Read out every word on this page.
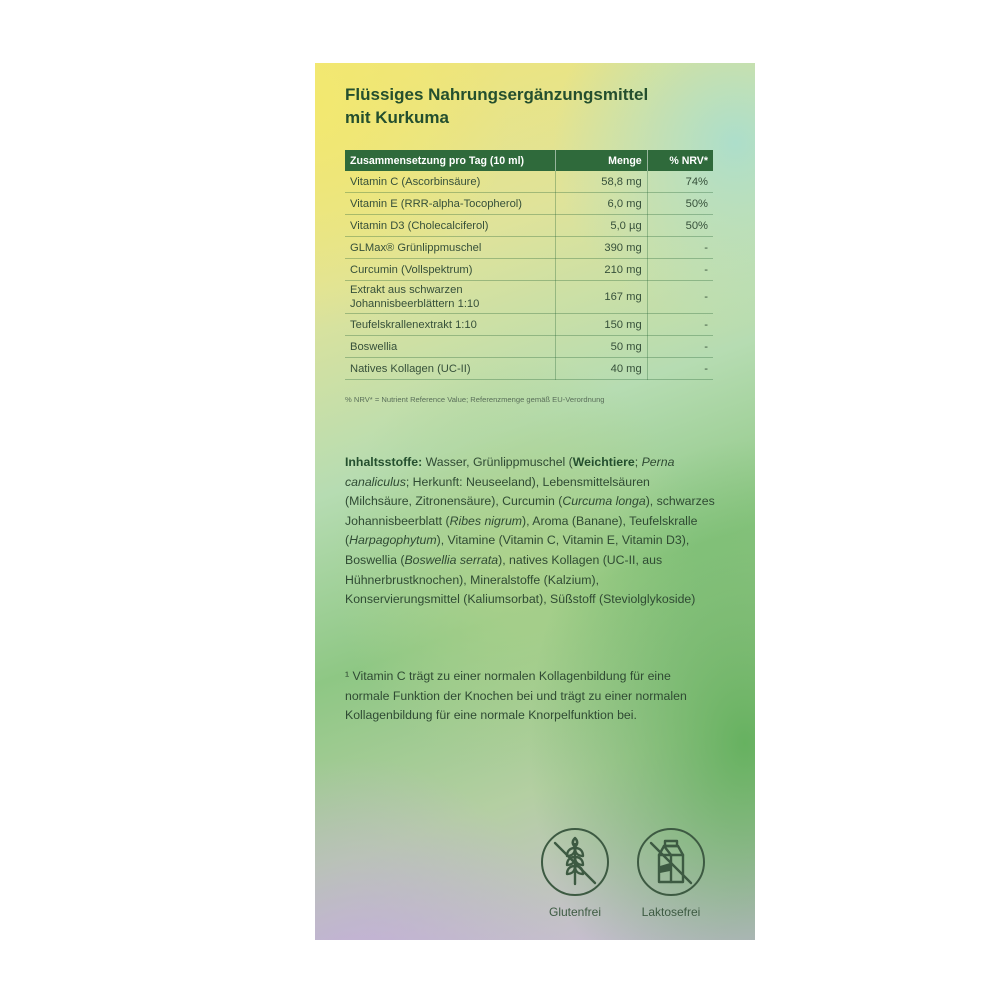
Flüssiges Nahrungsergänzungsmittel
mit Kurkuma
Zusammensetzung pro Tag (10 ml)	Menge	% NRV*
Vitamin C (Ascorbinsäure)	58,8 mg	74%
Vitamin E (RRR-alpha-Tocopherol)	6,0 mg	50%
Vitamin D3 (Cholecalciferol)	5,0 µg	50%
GLMax® Grünlippmuschel	390 mg	-
Curcumin (Vollspektrum)	210 mg	-
Extrakt aus schwarzen Johannisbeerblättern 1:10	167 mg	-
Teufelskrallenextrakt 1:10	150 mg	-
Boswellia	50 mg	-
Natives Kollagen (UC-II)	40 mg	-
% NRV* = Nutrient Reference Value; Referenzmenge gemäß EU-Verordnung

Inhaltsstoffe: Wasser, Grünlippmuschel (Weichtiere; Perna canaliculus; Herkunft: Neuseeland), Lebensmittelsäuren (Milchsäure, Zitronensäure), Curcumin (Curcuma longa), schwarzes Johannisbeerblatt (Ribes nigrum), Aroma (Banane), Teufelskralle (Harpagophytum), Vitamine (Vitamin C, Vitamin E, Vitamin D3), Boswellia (Boswellia serrata), natives Kollagen (UC-II, aus Hühnerbrustknochen), Mineralstoffe (Kalzium), Konservierungsmittel (Kaliumsorbat), Süßstoff (Steviolglykoside)

¹ Vitamin C trägt zu einer normalen Kollagenbildung für eine normale Funktion der Knochen bei und trägt zu einer normalen Kollagenbildung für eine normale Knorpelfunktion bei.

Glutenfrei	Laktosefrei
